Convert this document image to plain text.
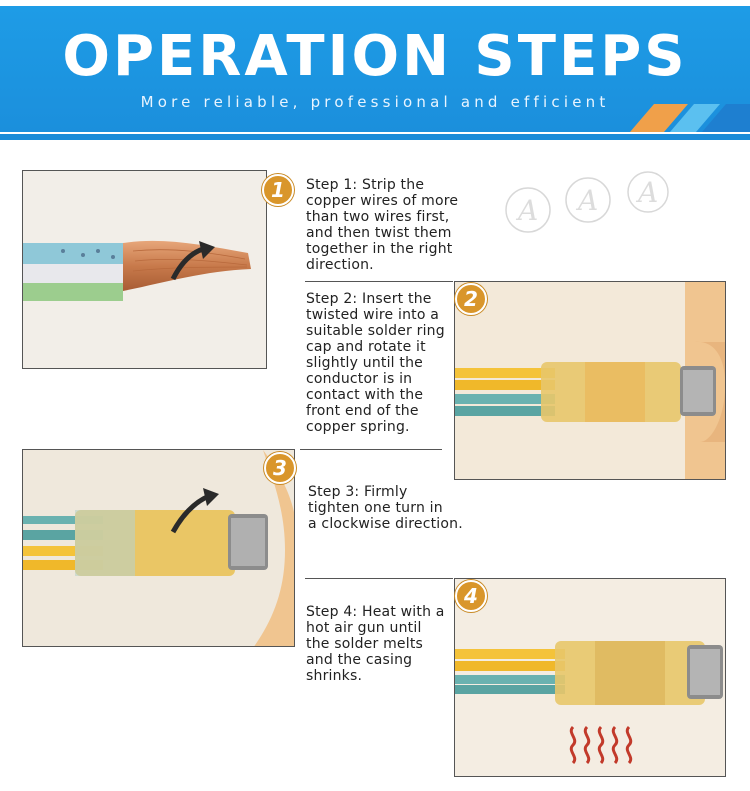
OPERATION STEPS
More reliable, professional and efficient
A A A
1	Step 1: Strip the
copper wires of more
than two wires first,
and then twist them
together in the right
direction.
2
Step 2: Insert the
twisted wire into a
suitable solder ring
cap and rotate it
slightly until the
conductor is in
contact with the
front end of the
copper spring.
3
Step 3: Firmly
tighten one turn in
a clockwise direction.
4
Step 4: Heat with a
hot air gun until
the solder melts
and the casing
shrinks.
